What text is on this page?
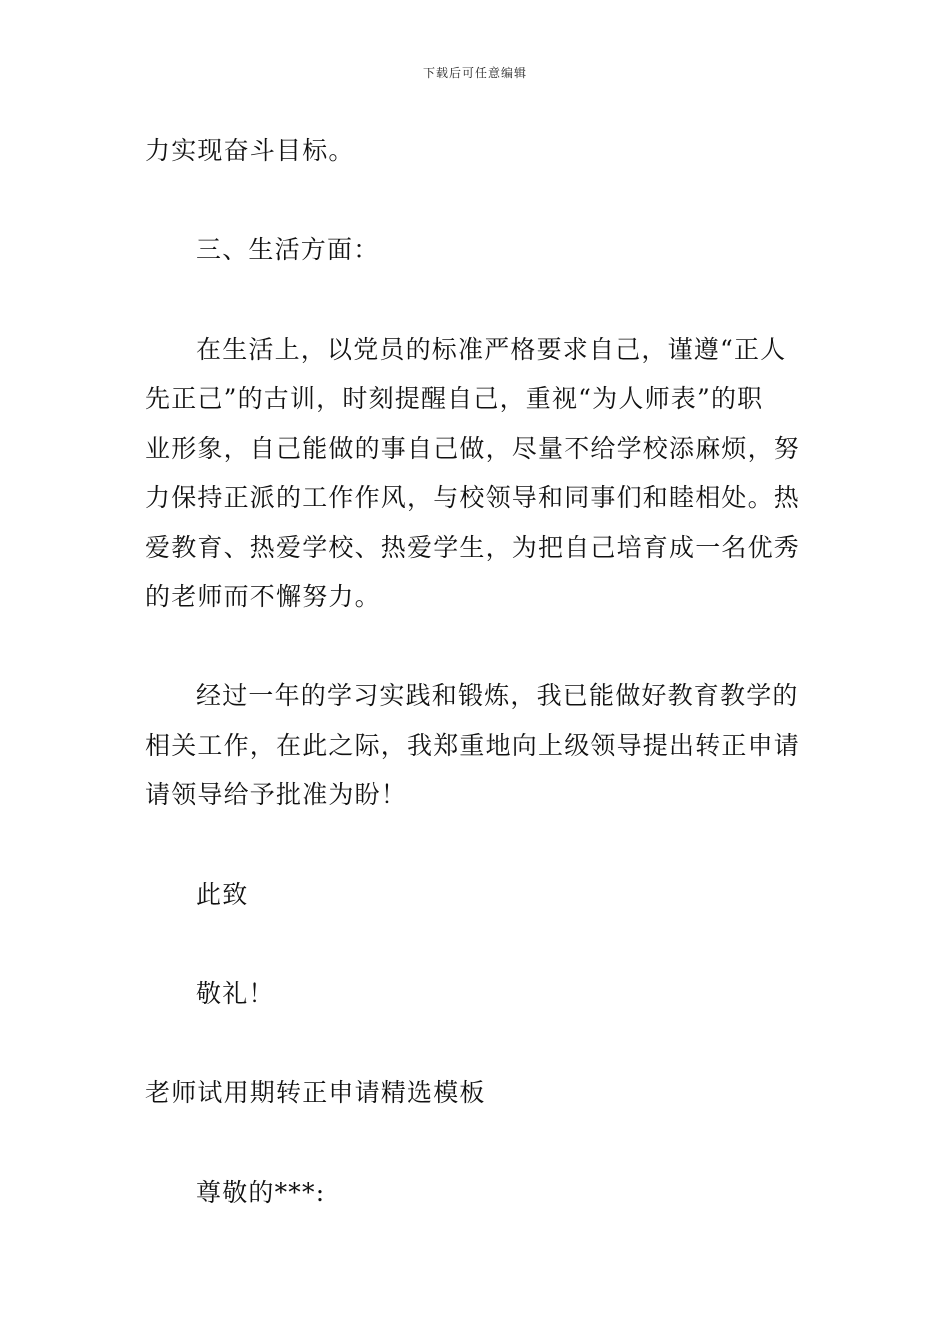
下载后可任意编辑
力实现奋斗目标。
三、生活方面：
在生活上，以党员的标准严格要求自己，谨遵“正人
先正己”的古训，时刻提醒自己，重视“为人师表”的职
业形象，自己能做的事自己做，尽量不给学校添麻烦，努
力保持正派的工作作风，与校领导和同事们和睦相处。热
爱教育、热爱学校、热爱学生，为把自己培育成一名优秀
的老师而不懈努力。
经过一年的学习实践和锻炼，我已能做好教育教学的
相关工作，在此之际，我郑重地向上级领导提出转正申请
请领导给予批准为盼！
此致
敬礼！
老师试用期转正申请精选模板
尊敬的***:
